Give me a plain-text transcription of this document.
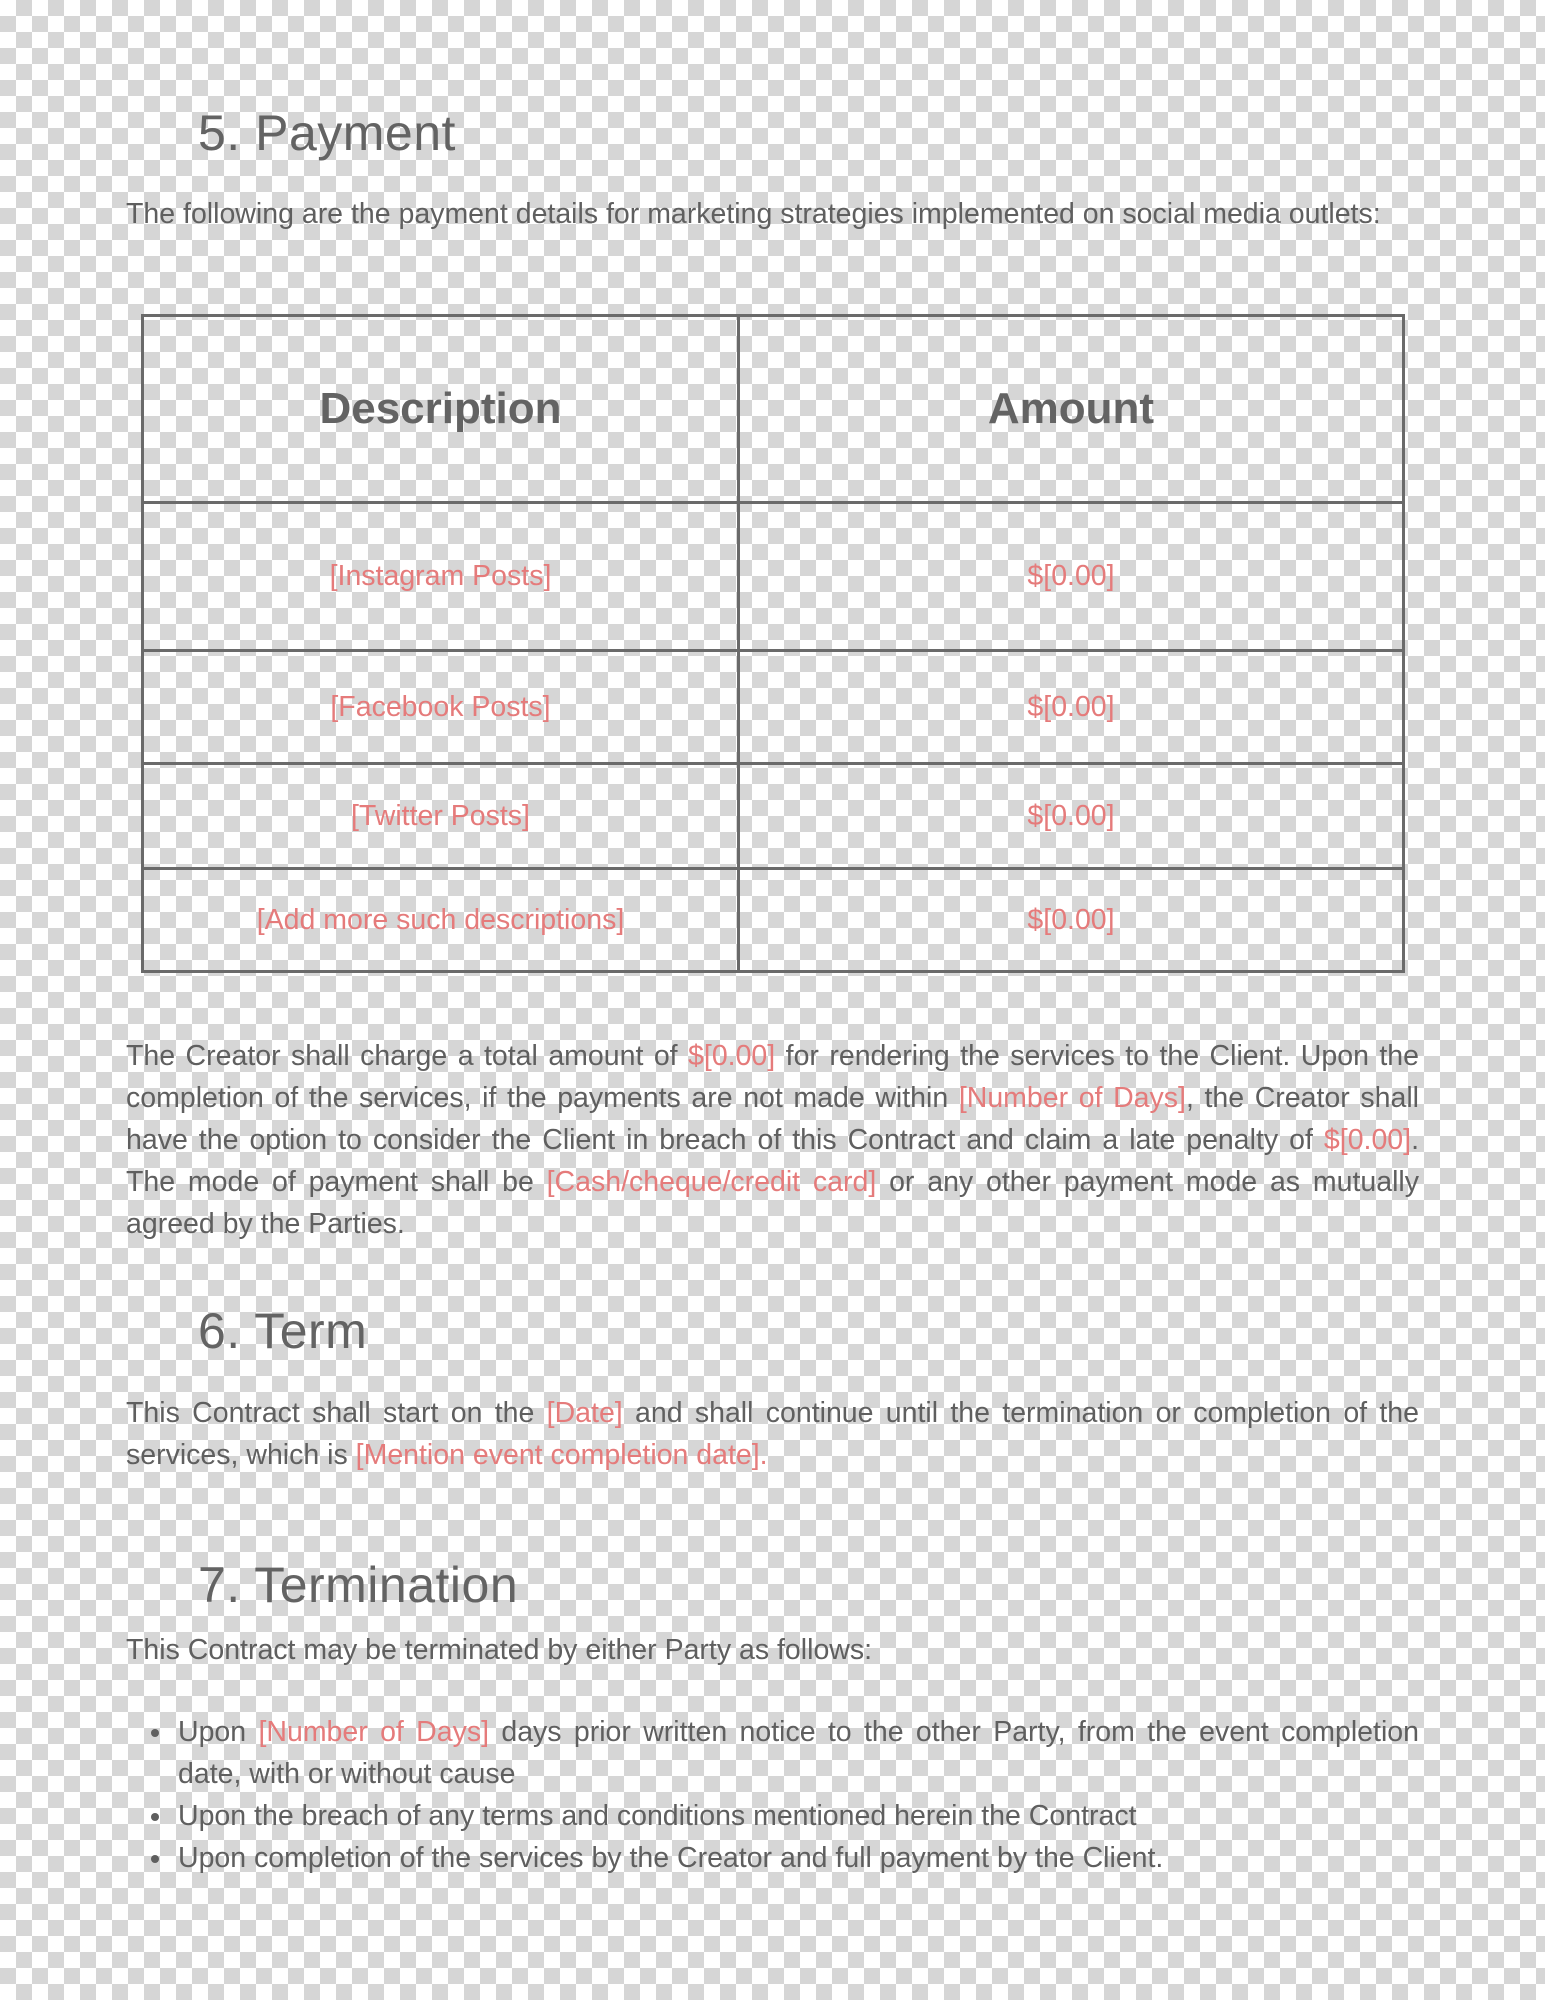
5. Payment

The following are the payment details for marketing strategies implemented on social media outlets:

Description	Amount
[Instagram Posts]	$[0.00]
[Facebook Posts]	$[0.00]
[Twitter Posts]	$[0.00]
[Add more such descriptions]	$[0.00]

The Creator shall charge a total amount of $[0.00] for rendering the services to the Client. Upon the completion of the services, if the payments are not made within [Number of Days], the Creator shall have the option to consider the Client in breach of this Contract and claim a late penalty of $[0.00]. The mode of payment shall be [Cash/cheque/credit card] or any other payment mode as mutually agreed by the Parties.

6. Term

This Contract shall start on the [Date] and shall continue until the termination or completion of the services, which is [Mention event completion date].

7. Termination

This Contract may be terminated by either Party as follows:

Upon [Number of Days] days prior written notice to the other Party, from the event completion date, with or without cause
Upon the breach of any terms and conditions mentioned herein the Contract
Upon completion of the services by the Creator and full payment by the Client.
